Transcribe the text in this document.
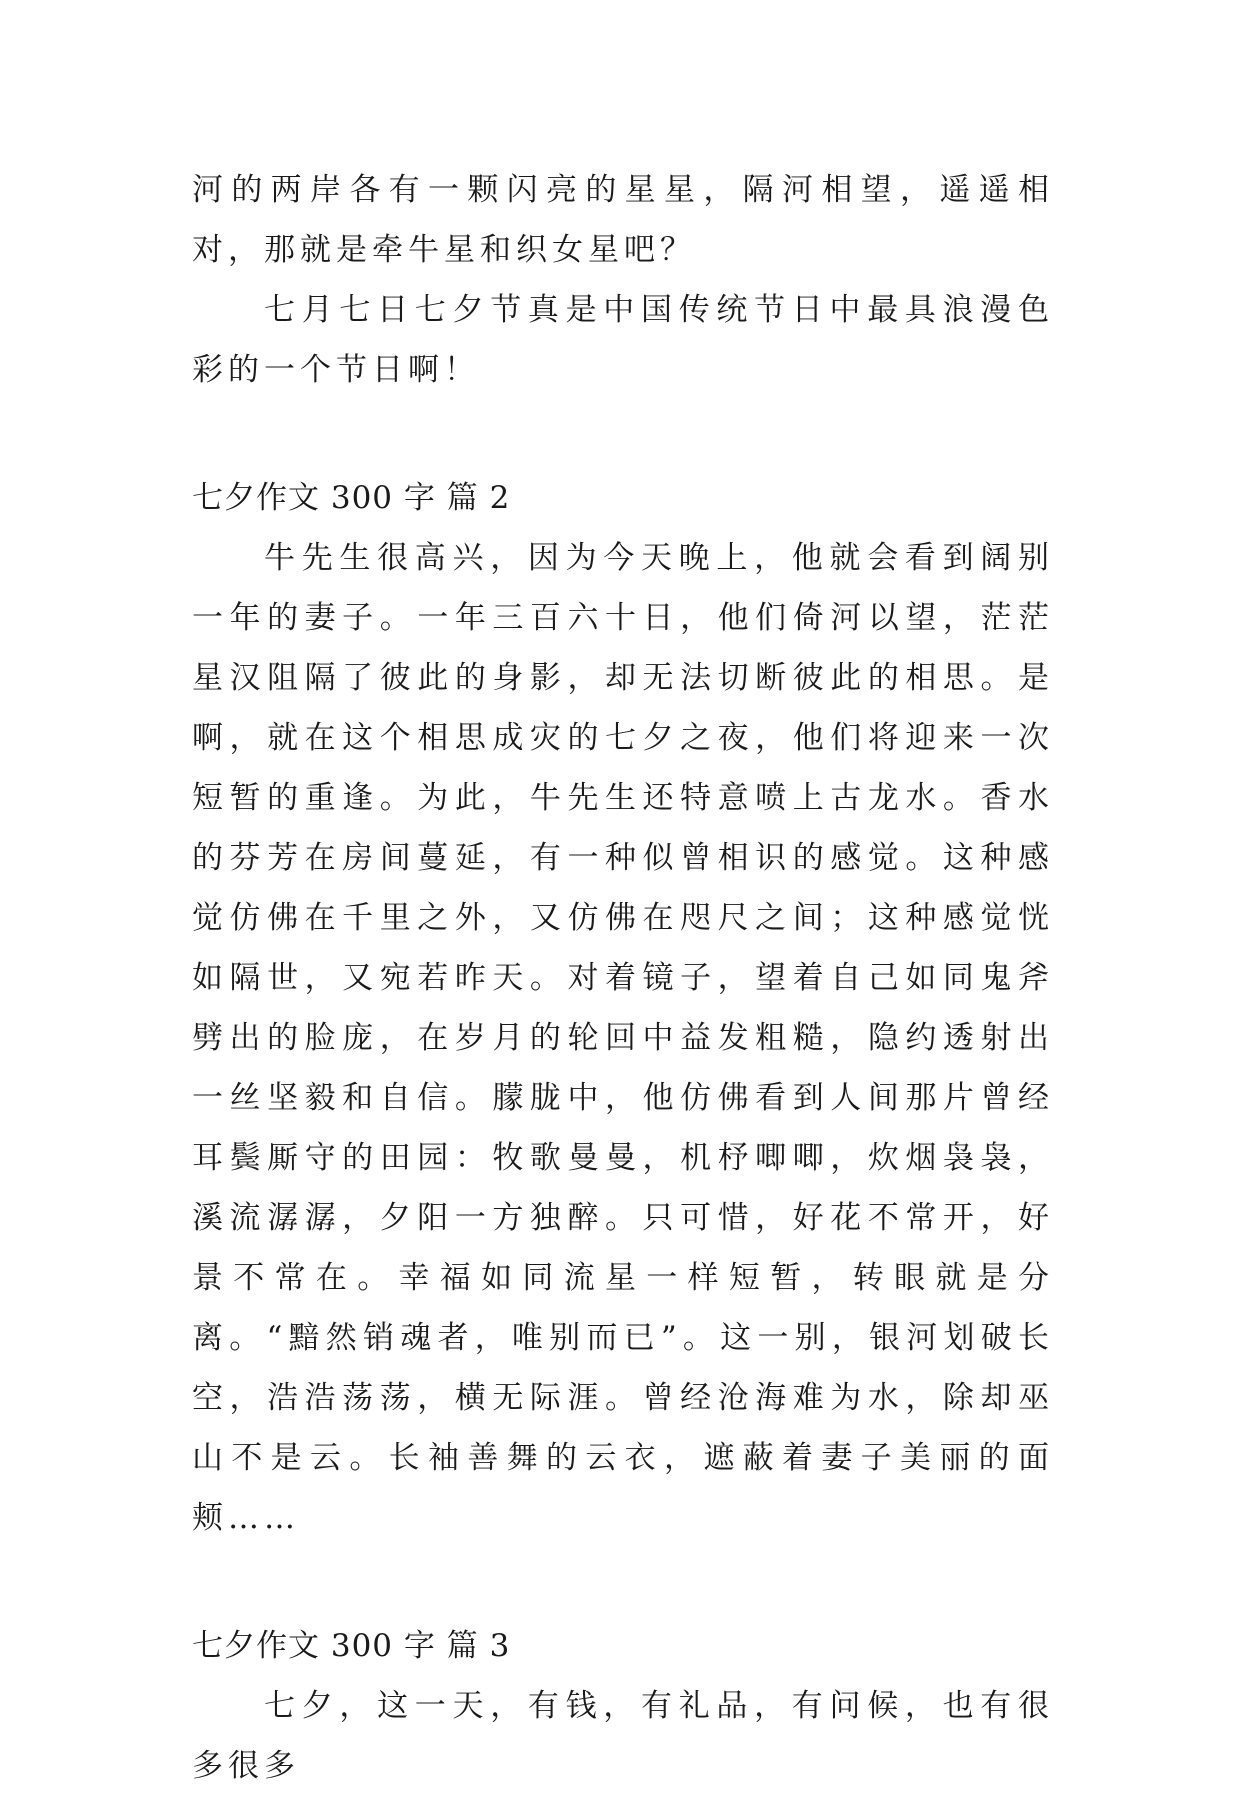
河的两岸各有一颗闪亮的星星，隔河相望，遥遥相对，那就是牵牛星和织女星吧？

七月七日七夕节真是中国传统节日中最具浪漫色彩的一个节日啊！

七夕作文 300 字 篇 2

牛先生很高兴，因为今天晚上，他就会看到阔别一年的妻子。一年三百六十日，他们倚河以望，茫茫星汉阻隔了彼此的身影，却无法切断彼此的相思。是啊，就在这个相思成灾的七夕之夜，他们将迎来一次短暂的重逢。为此，牛先生还特意喷上古龙水。香水的芬芳在房间蔓延，有一种似曾相识的感觉。这种感觉仿佛在千里之外，又仿佛在咫尺之间；这种感觉恍如隔世，又宛若昨天。对着镜子，望着自己如同鬼斧劈出的脸庞，在岁月的轮回中益发粗糙，隐约透射出一丝坚毅和自信。朦胧中，他仿佛看到人间那片曾经耳鬓厮守的田园：牧歌曼曼，机杼唧唧，炊烟袅袅，溪流潺潺，夕阳一方独醉。只可惜，好花不常开，好景不常在。幸福如同流星一样短暂，转眼就是分离。“黯然销魂者，唯别而已”。这一别，银河划破长空，浩浩荡荡，横无际涯。曾经沧海难为水，除却巫山不是云。长袖善舞的云衣，遮蔽着妻子美丽的面颊……

七夕作文 300 字 篇 3

七夕，这一天，有钱，有礼品，有问候，也有很多很多
